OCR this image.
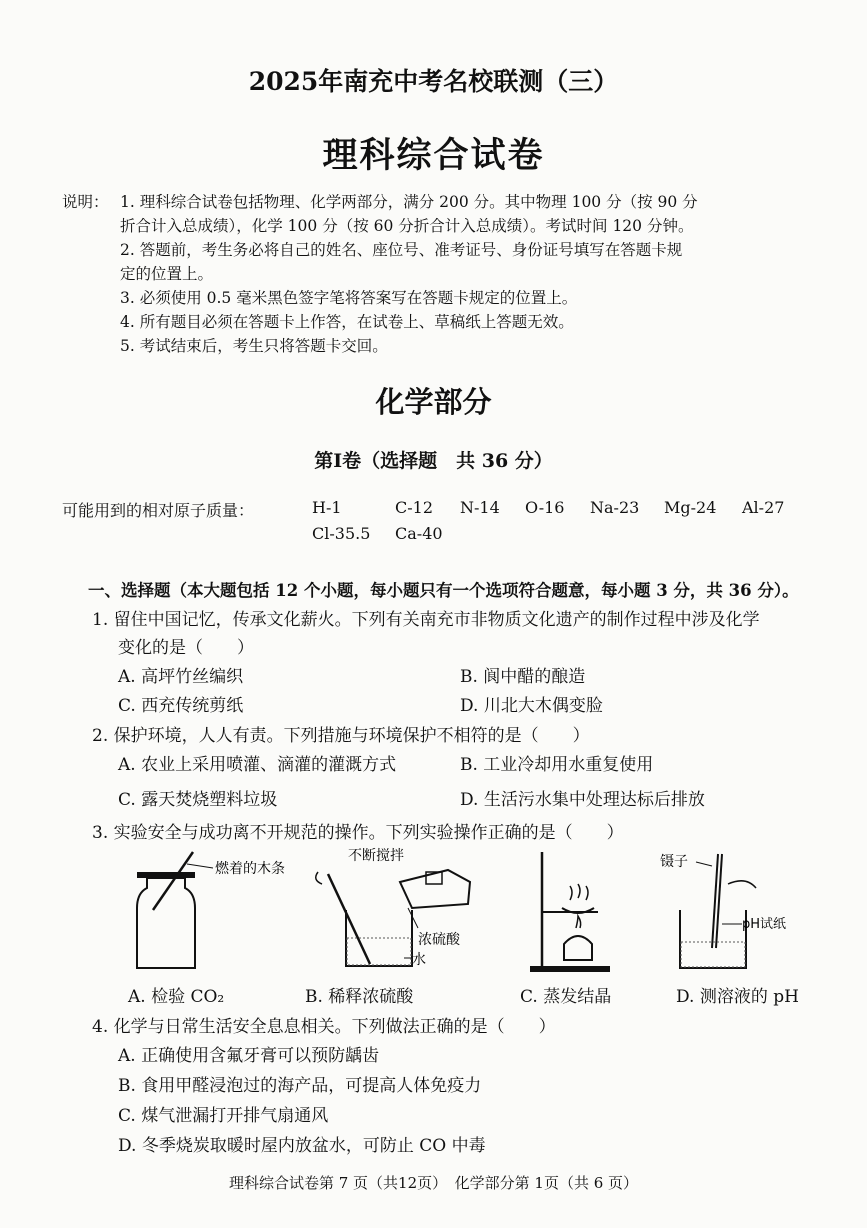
2025年南充中考名校联测（三）
理科综合试卷
说明： 1. 理科综合试卷包括物理、化学两部分，满分 200 分。其中物理 100 分（按 90 分
折合计入总成绩），化学 100 分（按 60 分折合计入总成绩）。考试时间 120 分钟。
2. 答题前，考生务必将自己的姓名、座位号、准考证号、身份证号填写在答题卡规
定的位置上。
3. 必须使用 0.5 毫米黑色签字笔将答案写在答题卡规定的位置上。
4. 所有题目必须在答题卡上作答，在试卷上、草稿纸上答题无效。
5. 考试结束后，考生只将答题卡交回。
化学部分
第Ⅰ卷（选择题　共 36 分）
可能用到的相对原子质量：	H-1	C-12 N-14 O-16 Na-23 Mg-24 Al-27
Cl-35.5 Ca-40
一、选择题（本大题包括 12 个小题，每小题只有一个选项符合题意，每小题 3 分，共 36 分）。
1. 留住中国记忆，传承文化薪火。下列有关南充市非物质文化遗产的制作过程中涉及化学
变化的是（　　）
A. 高坪竹丝编织	B. 阆中醋的酿造
C. 西充传统剪纸	D. 川北大木偶变脸
2. 保护环境，人人有责。下列措施与环境保护不相符的是（　　）
A. 农业上采用喷灌、滴灌的灌溉方式	B. 工业冷却用水重复使用
C. 露天焚烧塑料垃圾	D. 生活污水集中处理达标后排放
3. 实验安全与成功离不开规范的操作。下列实验操作正确的是（　　）
燃着的木条
不断搅拌
浓硫酸
水
镊子
pH试纸
A. 检验 CO₂	B. 稀释浓硫酸	C. 蒸发结晶	D. 测溶液的 pH
4. 化学与日常生活安全息息相关。下列做法正确的是（　　）
A. 正确使用含氟牙膏可以预防龋齿
B. 食用甲醛浸泡过的海产品，可提高人体免疫力
C. 煤气泄漏打开排气扇通风
D. 冬季烧炭取暖时屋内放盆水，可防止 CO 中毒
理科综合试卷第 7 页（共12页）　化学部分第 1页（共 6 页）
